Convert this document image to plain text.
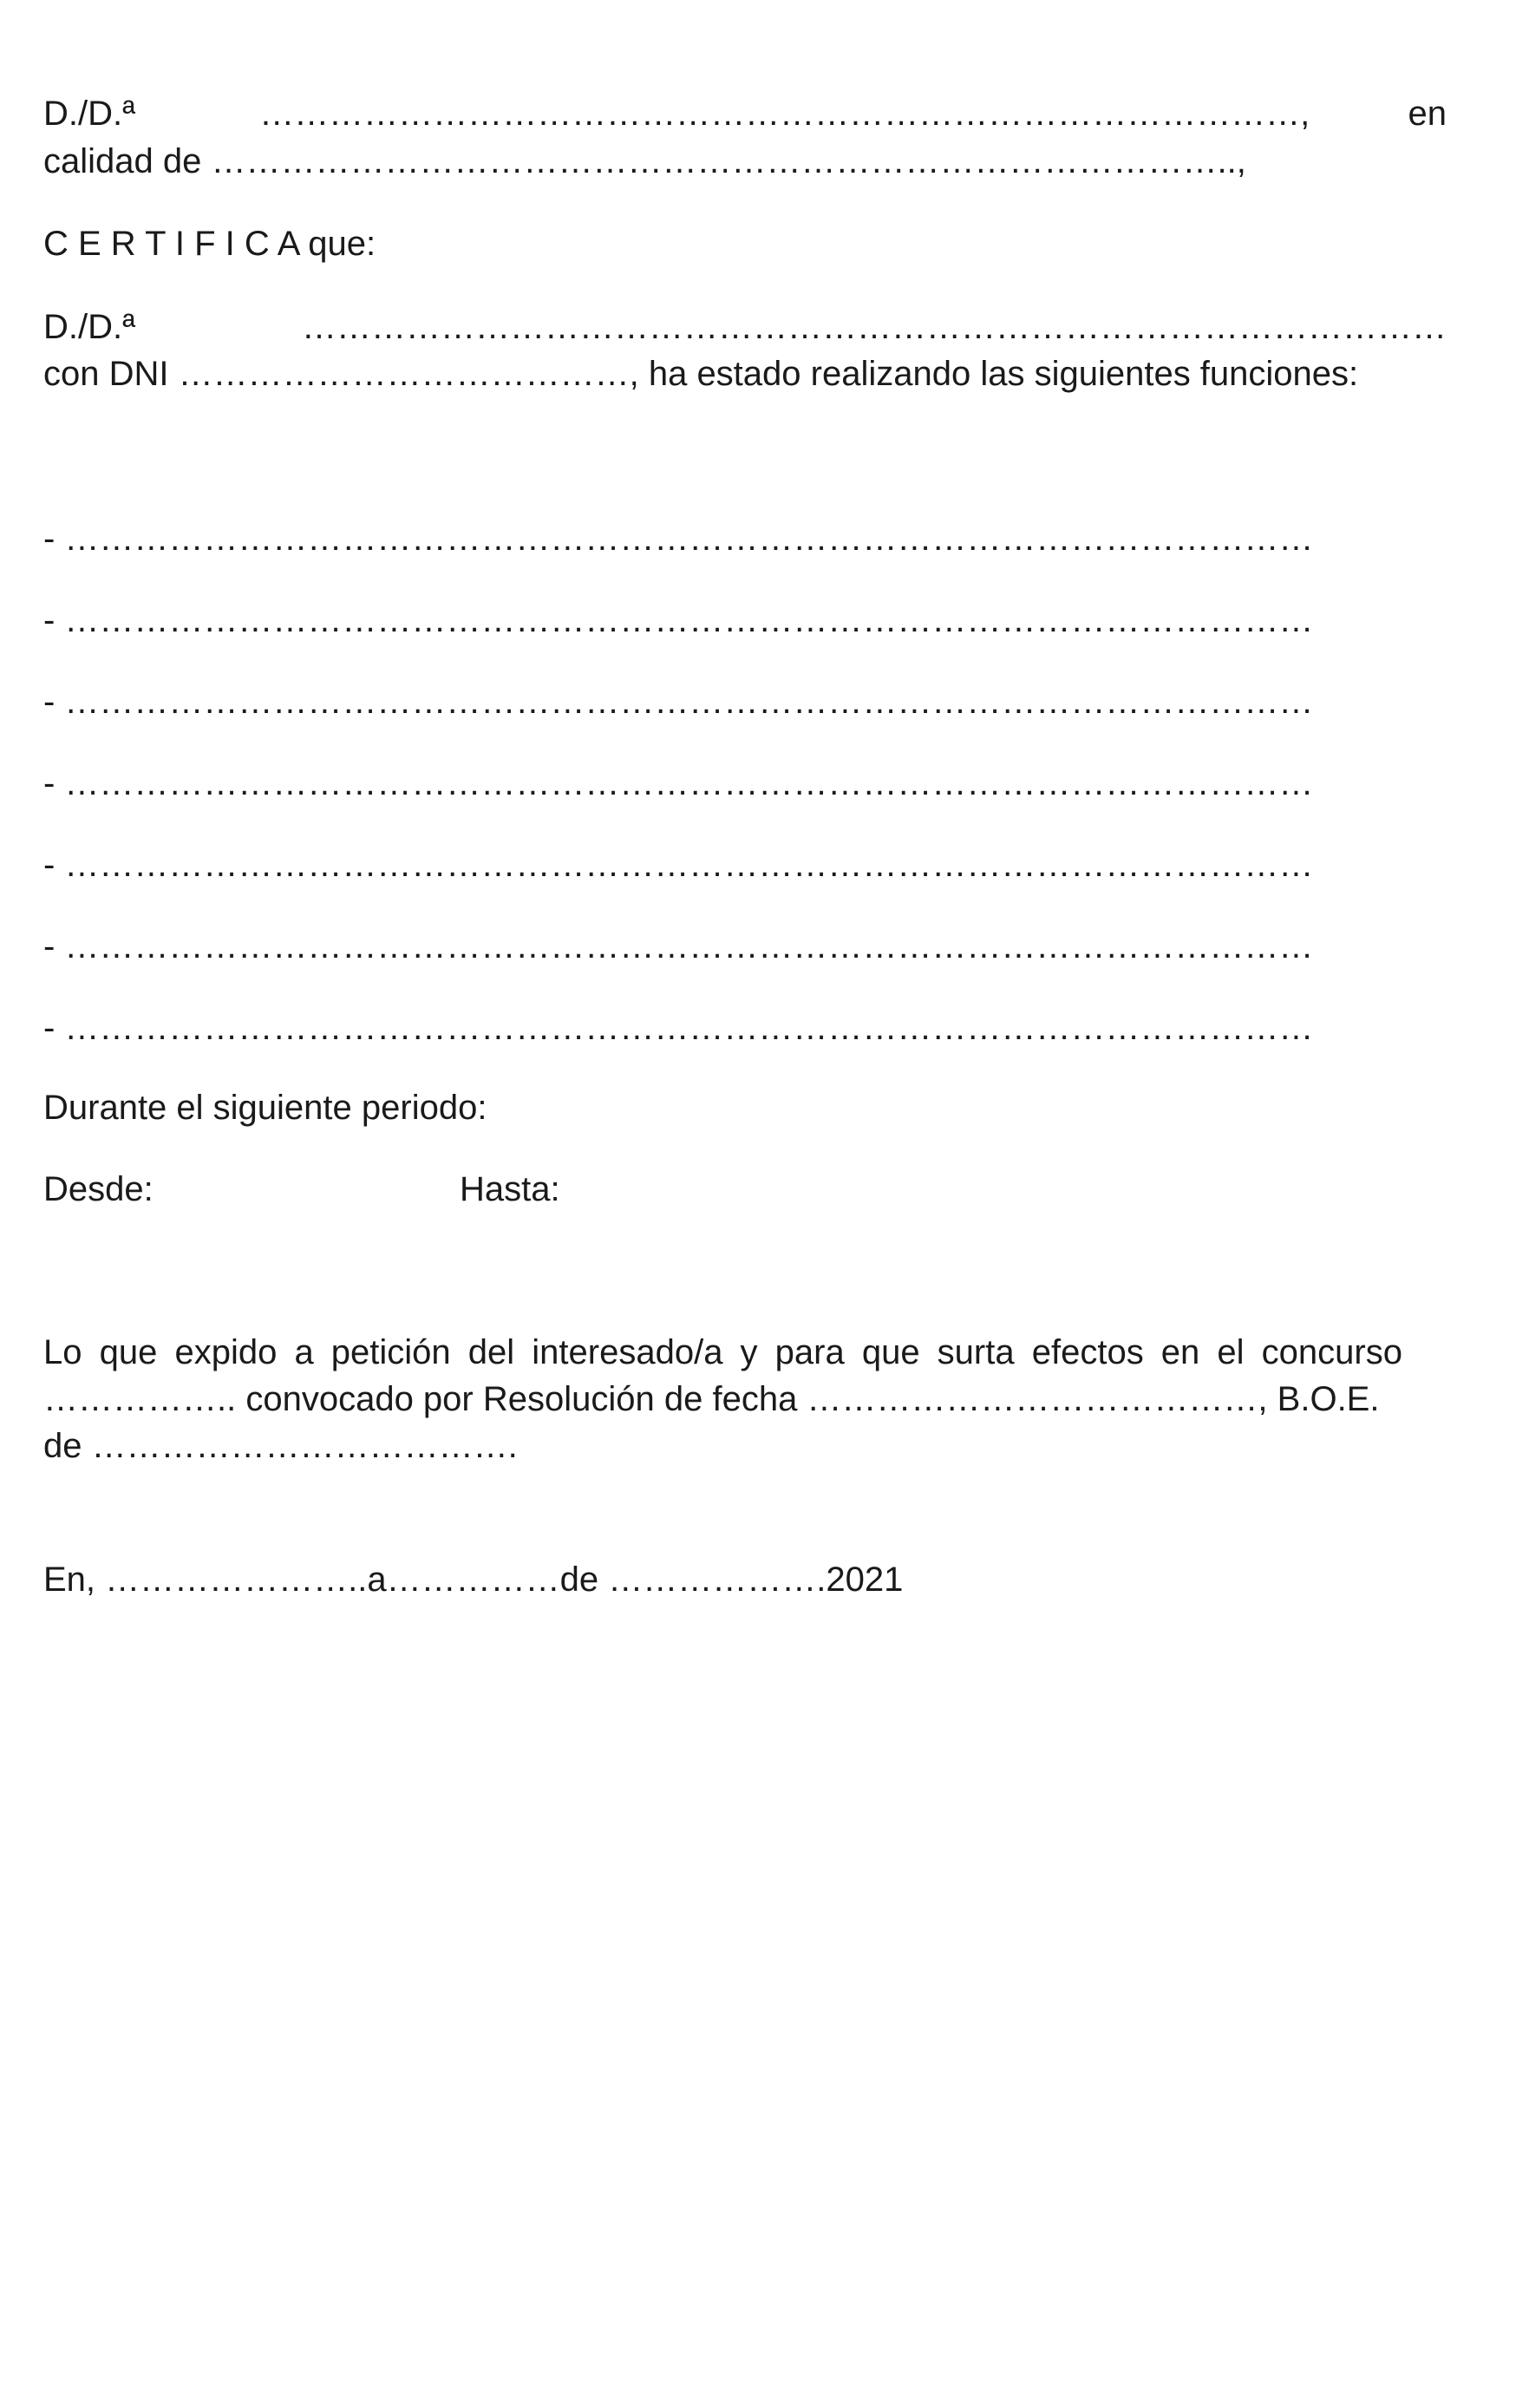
D./D.ª	………………………………………………………………………………,	en
calidad de ……………………………………………………………………………..,
C E R T I F I C A que:
D./D.ª	………………………………………………………………………………………
con DNI …………………………………, ha estado realizando las siguientes funciones:
- ………………………………………………………………………………………………
- ………………………………………………………………………………………………
- ………………………………………………………………………………………………
- ………………………………………………………………………………………………
- ………………………………………………………………………………………………
- ………………………………………………………………………………………………
- ………………………………………………………………………………………………
Durante el siguiente periodo:
Desde:	Hasta:
Lo que expido a petición del interesado/a y para que surta efectos en el concurso
…………….. convocado por Resolución de fecha …………………………………, B.O.E.
de ……………………………….
En, …………………..a……………de ……………….2021
